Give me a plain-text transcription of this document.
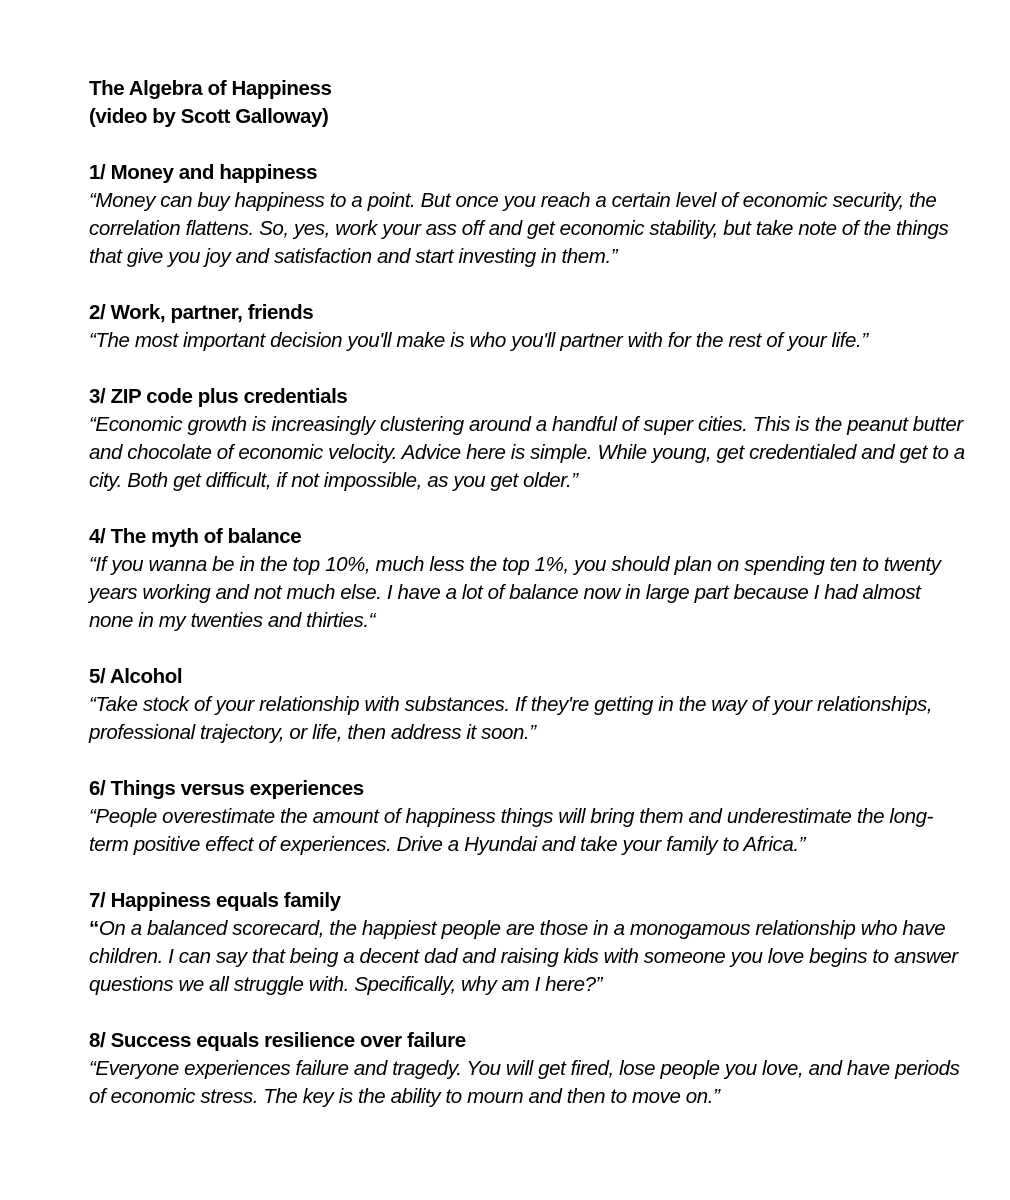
The Algebra of Happiness
(video by Scott Galloway)
1/ Money and happiness
“Money can buy happiness to a point. But once you reach a certain level of economic security, the correlation flattens. So, yes, work your ass off and get economic stability, but take note of the things that give you joy and satisfaction and start investing in them.”
2/ Work, partner, friends
“The most important decision you'll make is who you'll partner with for the rest of your life.”
3/ ZIP code plus credentials
“Economic growth is increasingly clustering around a handful of super cities. This is the peanut butter and chocolate of economic velocity. Advice here is simple. While young, get credentialed and get to a city. Both get difficult, if not impossible, as you get older.”
4/ The myth of balance
“If you wanna be in the top 10%, much less the top 1%, you should plan on spending ten to twenty years working and not much else. I have a lot of balance now in large part because I had almost none in my twenties and thirties.“
5/ Alcohol
“Take stock of your relationship with substances. If they're getting in the way of your relationships, professional trajectory, or life, then address it soon.”
6/ Things versus experiences
“People overestimate the amount of happiness things will bring them and underestimate the long-term positive effect of experiences. Drive a Hyundai and take your family to Africa.”
7/ Happiness equals family
“On a balanced scorecard, the happiest people are those in a monogamous relationship who have children. I can say that being a decent dad and raising kids with someone you love begins to answer questions we all struggle with. Specifically, why am I here?”
8/ Success equals resilience over failure
“Everyone experiences failure and tragedy. You will get fired, lose people you love, and have periods of economic stress. The key is the ability to mourn and then to move on.”
